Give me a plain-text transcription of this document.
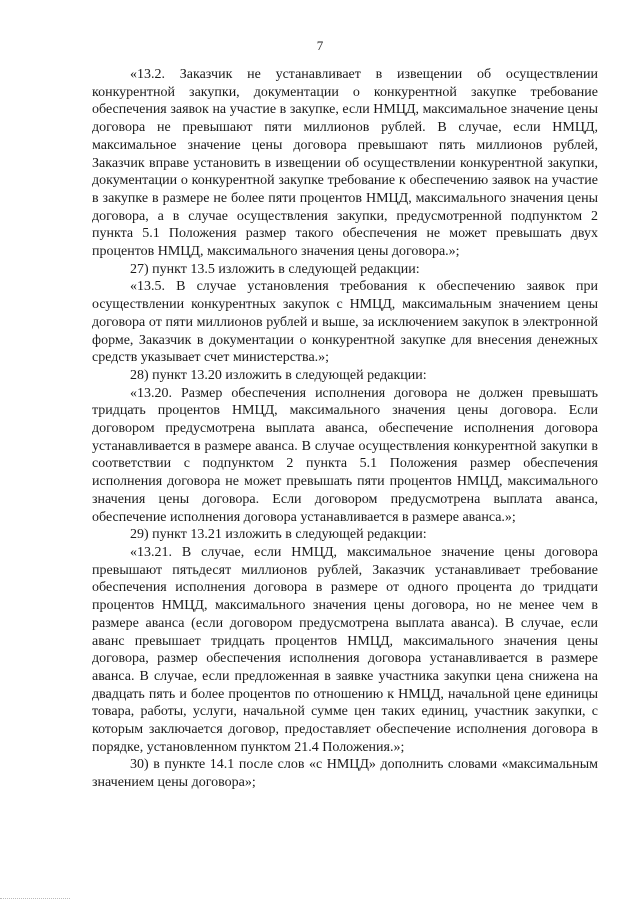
7

«13.2. Заказчик не устанавливает в извещении об осуществлении конкурентной закупки, документации о конкурентной закупке требование обеспечения заявок на участие в закупке, если НМЦД, максимальное значение цены договора не превышают пяти миллионов рублей. В случае, если НМЦД, максимальное значение цены договора превышают пять миллионов рублей, Заказчик вправе установить в извещении об осуществлении конкурентной закупки, документации о конкурентной закупке требование к обеспечению заявок на участие в закупке в размере не более пяти процентов НМЦД, максимального значения цены договора, а в случае осуществления закупки, предусмотренной подпунктом 2 пункта 5.1 Положения размер такого обеспечения не может превышать двух процентов НМЦД, максимального значения цены договора.»;

27) пункт 13.5 изложить в следующей редакции:

«13.5. В случае установления требования к обеспечению заявок при осуществлении конкурентных закупок с НМЦД, максимальным значением цены договора от пяти миллионов рублей и выше, за исключением закупок в электронной форме, Заказчик в документации о конкурентной закупке для внесения денежных средств указывает счет министерства.»;

28) пункт 13.20 изложить в следующей редакции:

«13.20. Размер обеспечения исполнения договора не должен превышать тридцать процентов НМЦД, максимального значения цены договора. Если договором предусмотрена выплата аванса, обеспечение исполнения договора устанавливается в размере аванса. В случае осуществления конкурентной закупки в соответствии с подпунктом 2 пункта 5.1 Положения размер обеспечения исполнения договора не может превышать пяти процентов НМЦД, максимального значения цены договора. Если договором предусмотрена выплата аванса, обеспечение исполнения договора устанавливается в размере аванса.»;

29) пункт 13.21 изложить в следующей редакции:

«13.21. В случае, если НМЦД, максимальное значение цены договора превышают пятьдесят миллионов рублей, Заказчик устанавливает требование обеспечения исполнения договора в размере от одного процента до тридцати процентов НМЦД, максимального значения цены договора, но не менее чем в размере аванса (если договором предусмотрена выплата аванса). В случае, если аванс превышает тридцать процентов НМЦД, максимального значения цены договора, размер обеспечения исполнения договора устанавливается в размере аванса. В случае, если предложенная в заявке участника закупки цена снижена на двадцать пять и более процентов по отношению к НМЦД, начальной цене единицы товара, работы, услуги, начальной сумме цен таких единиц, участник закупки, с которым заключается договор, предоставляет обеспечение исполнения договора в порядке, установленном пунктом 21.4 Положения.»;

30) в пункте 14.1 после слов «с НМЦД» дополнить словами «максимальным значением цены договора»;
